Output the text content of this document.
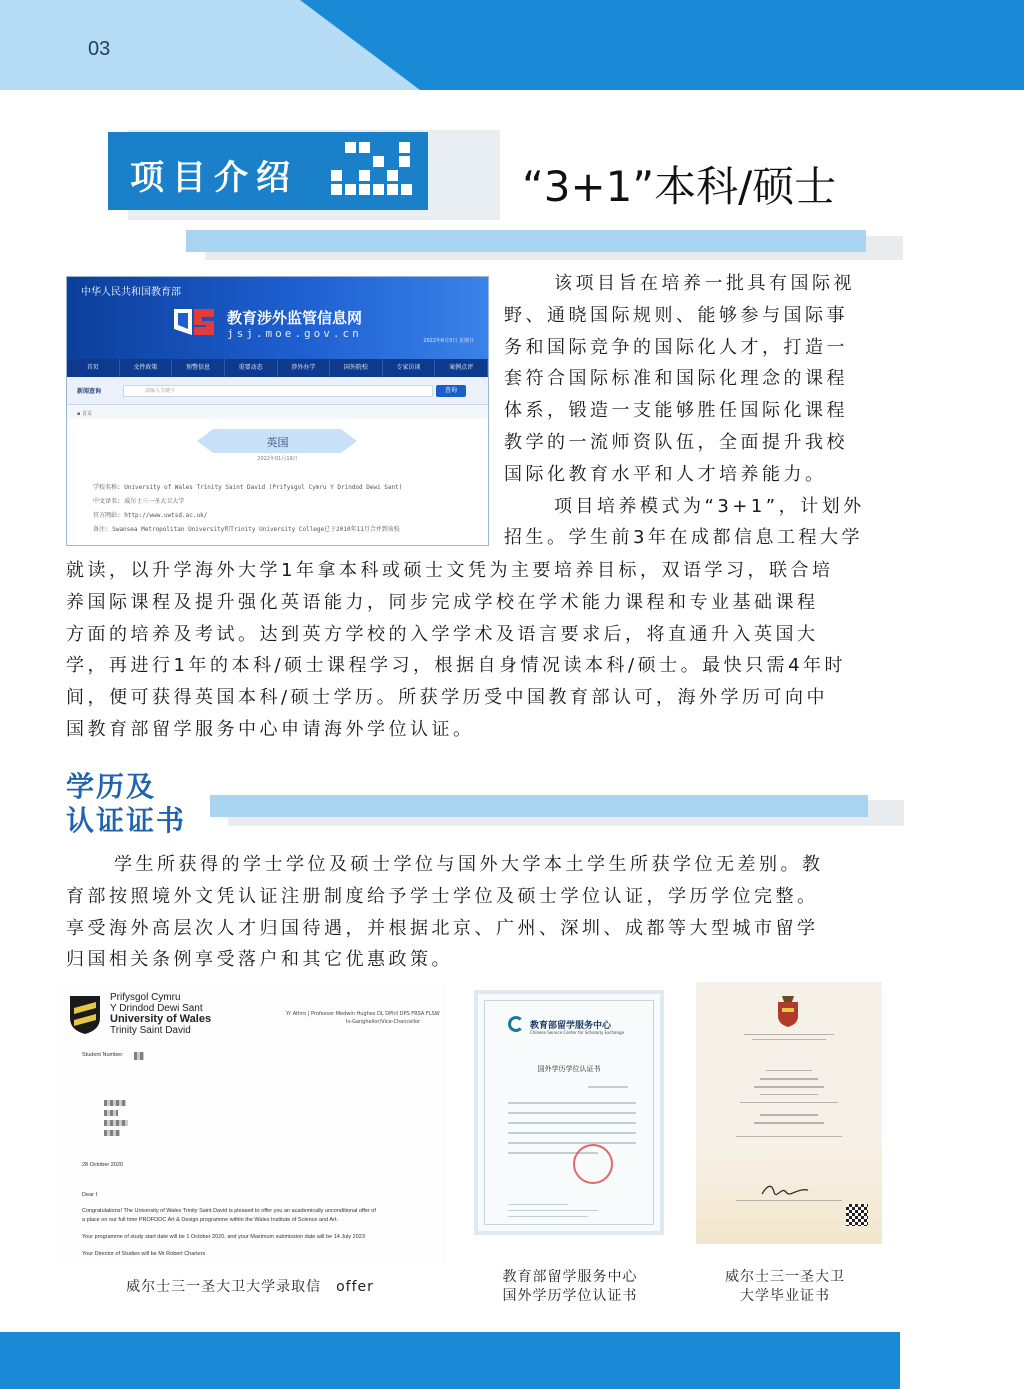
03
项目介绍	“3+1”本科/硕士
中华人民共和国教育部
教育涉外监管信息网
jsj.moe.gov.cn
2022年6月5日 星期日
首页	文件政策	预警信息	重要动态	涉外办学	国外院校	专家访谈	案例点评
新闻查询	请输入关键字	查询
▪ 首页
英国
2022年01月19日
学校名称: University of Wales Trinity Saint David (Prifysgol Cymru Y Drindod Dewi Sant)
中文译名: 威尔士三一圣大卫大学
官方网站: http://www.uwtsd.ac.uk/
备注: Swansea Metropolitan University和Trinity University College已于2010年11月合并到该校
该项目旨在培养一批具有国际视
野、通晓国际规则、能够参与国际事
务和国际竞争的国际化人才，打造一
套符合国际标准和国际化理念的课程
体系，锻造一支能够胜任国际化课程
教学的一流师资队伍，全面提升我校
国际化教育水平和人才培养能力。
项目培养模式为“3+1”，计划外
招生。学生前3年在成都信息工程大学
就读，以升学海外大学1年拿本科或硕士文凭为主要培养目标，双语学习，联合培
养国际课程及提升强化英语能力，同步完成学校在学术能力课程和专业基础课程
方面的培养及考试。达到英方学校的入学学术及语言要求后，将直通升入英国大
学，再进行1年的本科/硕士课程学习，根据自身情况读本科/硕士。最快只需4年时
间，便可获得英国本科/硕士学历。所获学历受中国教育部认可，海外学历可向中
国教育部留学服务中心申请海外学位认证。
学历及
认证证书
学生所获得的学士学位及硕士学位与国外大学本土学生所获学位无差别。教
育部按照境外文凭认证注册制度给予学士学位及硕士学位认证，学历学位完整。
享受海外高层次人才归国待遇，并根据北京、广州、深圳、成都等大型城市留学
归国相关条例享受落户和其它优惠政策。
Prifysgol Cymru
Y Drindod Dewi Sant
University of Wales
Trinity Saint David
Yr Athro | Professor Medwin Hughes DL DPhil DPS FRSA FLSW
Is-Ganghellor/Vice-Chancellor
Student Number:
28 October 2020
Dear I
Congratulations! The University of Wales Trinity Saint David is pleased to offer you an academically unconditional offer of
a place on our full time PROFDOC Art & Design programme within the Wales Institute of Science and Art.
Your programme of study start date will be 1 October 2020, and your Maximum submission date will be 14 July 2023
Your Director of Studies will be Mr Robert Charters
教育部留学服务中心
Chinese Service Center for Scholarly Exchange
国外学历学位认证书
威尔士三一圣大卫大学录取信　offer
教育部留学服务中心
国外学历学位认证书
威尔士三一圣大卫
大学毕业证书
